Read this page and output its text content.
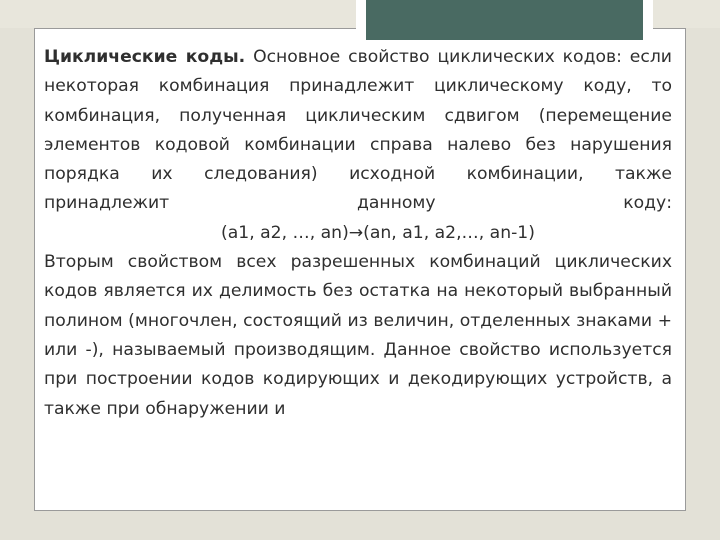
Циклические коды. Основное свойство циклических кодов: если некоторая комбинация принадлежит циклическому коду, то комбинация, полученная циклическим сдвигом (перемещение элементов кодовой комбинации справа налево без нарушения порядка их следования) исходной комбинации, также принадлежит данному коду:

(a1, a2, …, an)→(an, a1, a2,…, an-1)

Вторым свойством всех разрешенных комбинаций циклических кодов является их делимость без остатка на некоторый выбранный полином (многочлен, состоящий из величин, отделенных знаками + или -), называемый производящим. Данное свойство используется при построении кодов кодирующих и декодирующих устройств, а также при обнаружении и
